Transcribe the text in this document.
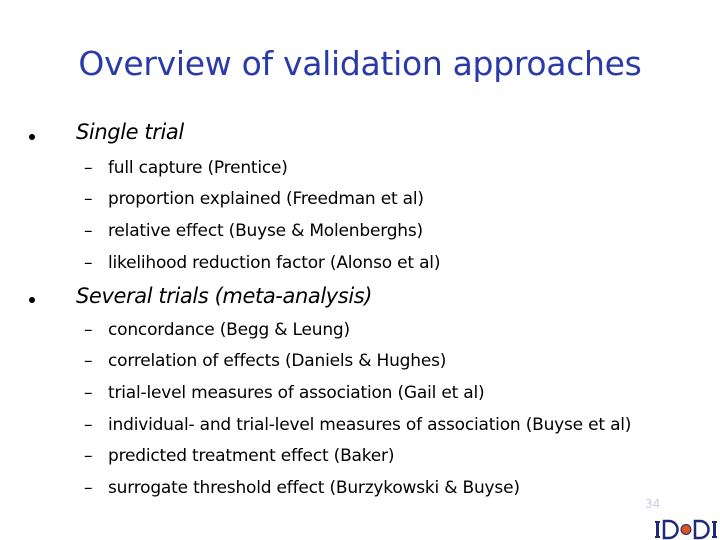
Overview of validation approaches
Single trial
– full capture (Prentice)
– proportion explained (Freedman et al)
– relative effect (Buyse & Molenberghs)
– likelihood reduction factor (Alonso et al)
Several trials (meta-analysis)
– concordance (Begg & Leung)
– correlation of effects (Daniels & Hughes)
– trial-level measures of association (Gail et al)
– individual- and trial-level measures of association (Buyse et al)
– predicted treatment effect (Baker)
– surrogate threshold effect (Burzykowski & Buyse)
34
